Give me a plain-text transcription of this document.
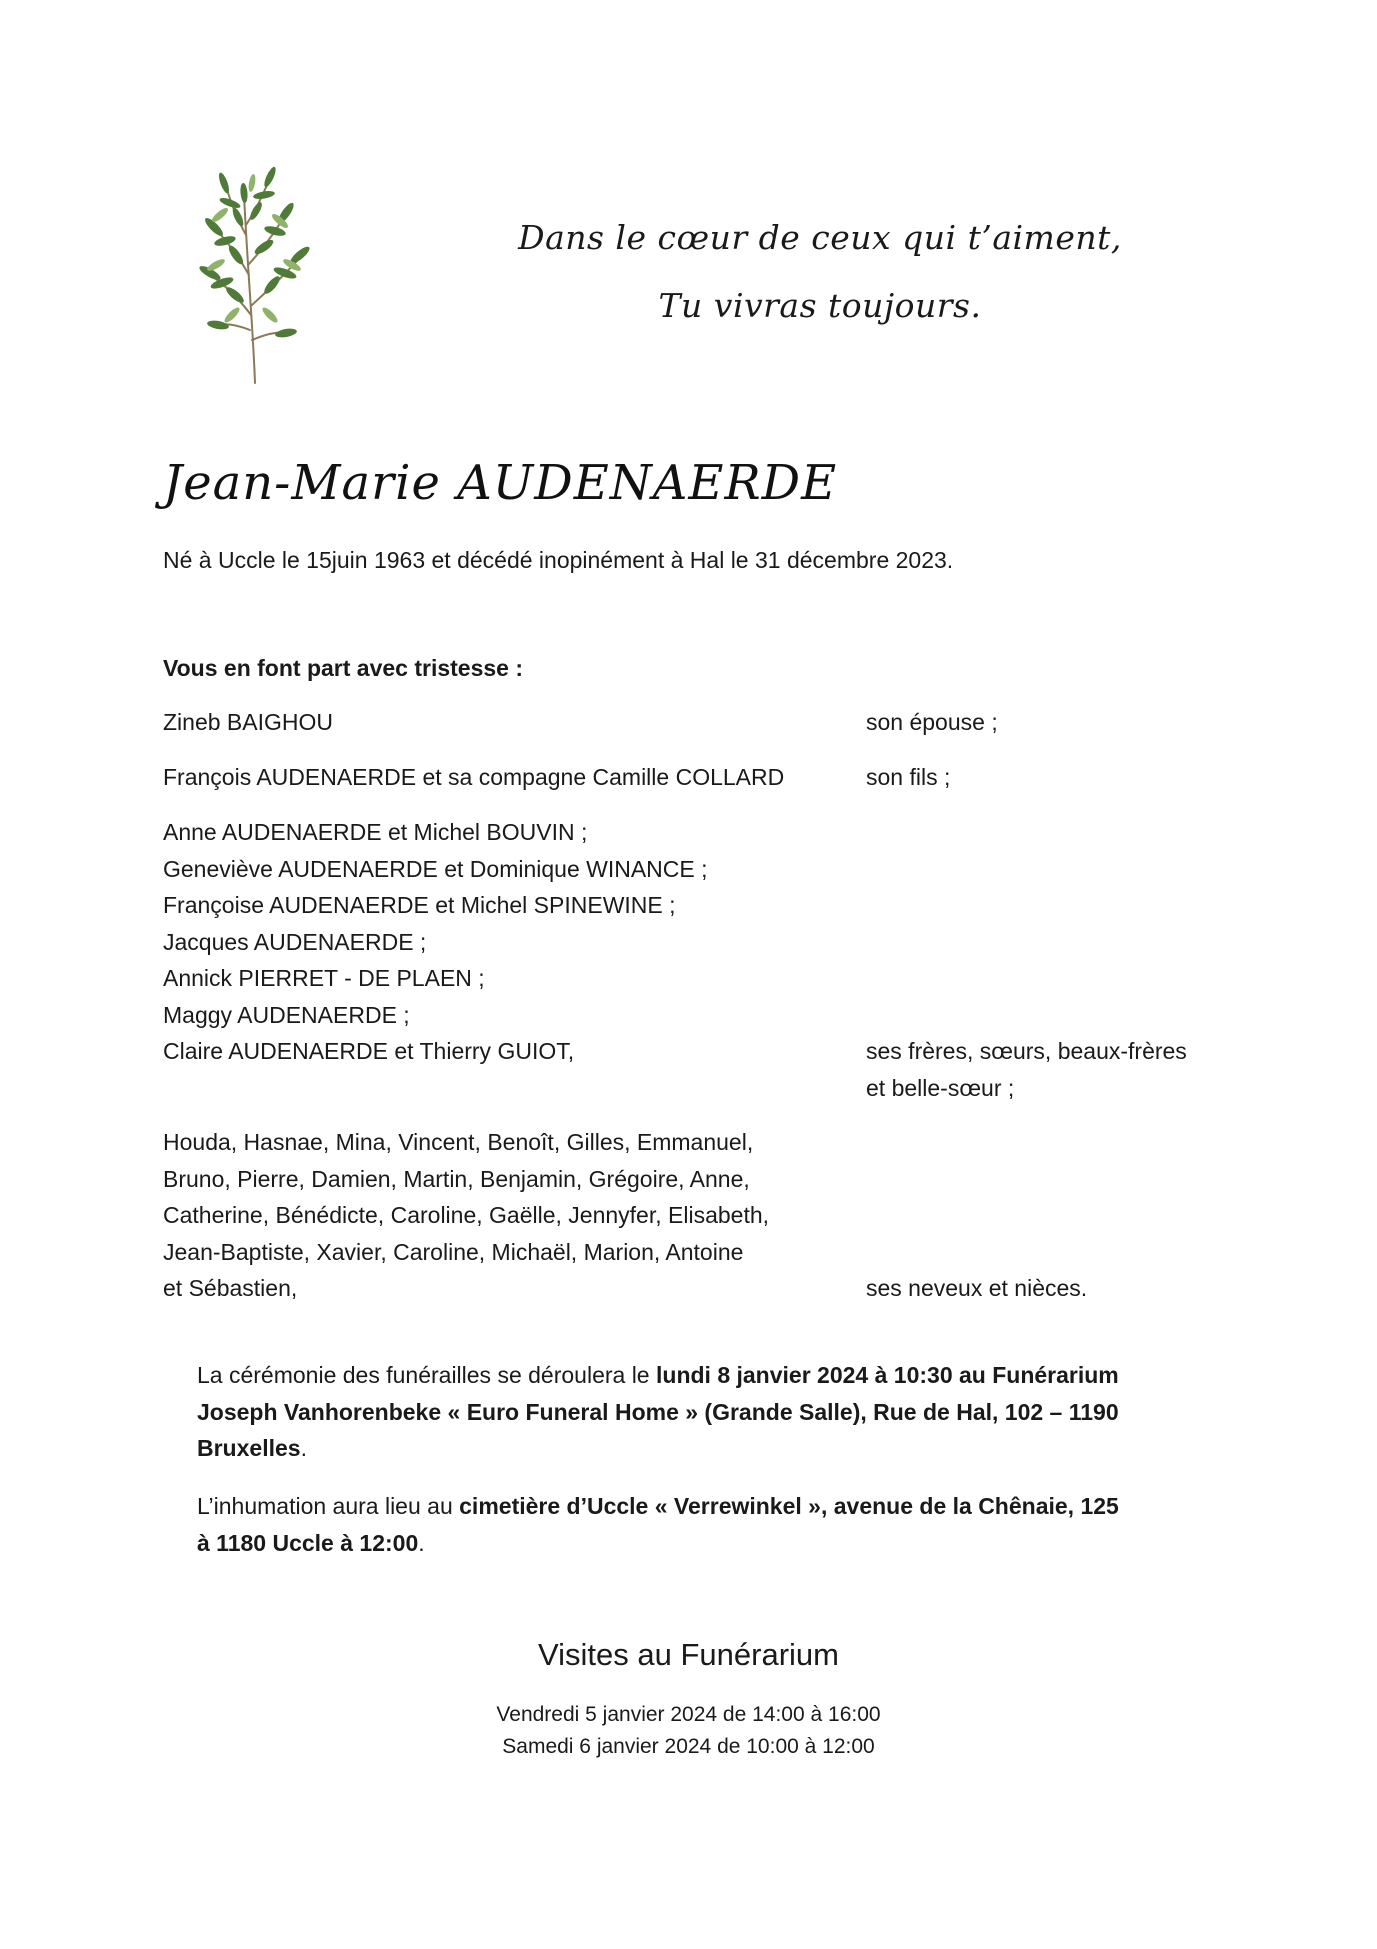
Dans le cœur de ceux qui t’aiment,
Tu vivras toujours.
Jean-Marie AUDENAERDE
Né à Uccle le 15juin 1963 et décédé inopinément à Hal le 31 décembre 2023.
Vous en font part avec tristesse :
Zineb BAIGHOU	son épouse ;
François AUDENAERDE et sa compagne Camille COLLARD	son fils ;
Anne AUDENAERDE et Michel BOUVIN ;
Geneviève AUDENAERDE et Dominique WINANCE ;
Françoise AUDENAERDE et Michel SPINEWINE ;
Jacques AUDENAERDE ;
Annick PIERRET - DE PLAEN ;
Maggy AUDENAERDE ;
Claire AUDENAERDE et Thierry GUIOT,	ses frères, sœurs, beaux-frères
et belle-sœur ;
Houda, Hasnae, Mina, Vincent, Benoît, Gilles, Emmanuel,
Bruno, Pierre, Damien, Martin, Benjamin, Grégoire, Anne,
Catherine, Bénédicte, Caroline, Gaëlle, Jennyfer, Elisabeth,
Jean-Baptiste, Xavier, Caroline, Michaël, Marion, Antoine
et Sébastien,	ses neveux et nièces.
La cérémonie des funérailles se déroulera le lundi 8 janvier 2024 à 10:30 au Funérarium
Joseph Vanhorenbeke « Euro Funeral Home » (Grande Salle), Rue de Hal, 102 – 1190
Bruxelles.
L’inhumation aura lieu au cimetière d’Uccle « Verrewinkel », avenue de la Chênaie, 125
à 1180 Uccle à 12:00.
Visites au Funérarium
Vendredi 5 janvier 2024 de 14:00 à 16:00
Samedi 6 janvier 2024 de 10:00 à 12:00
